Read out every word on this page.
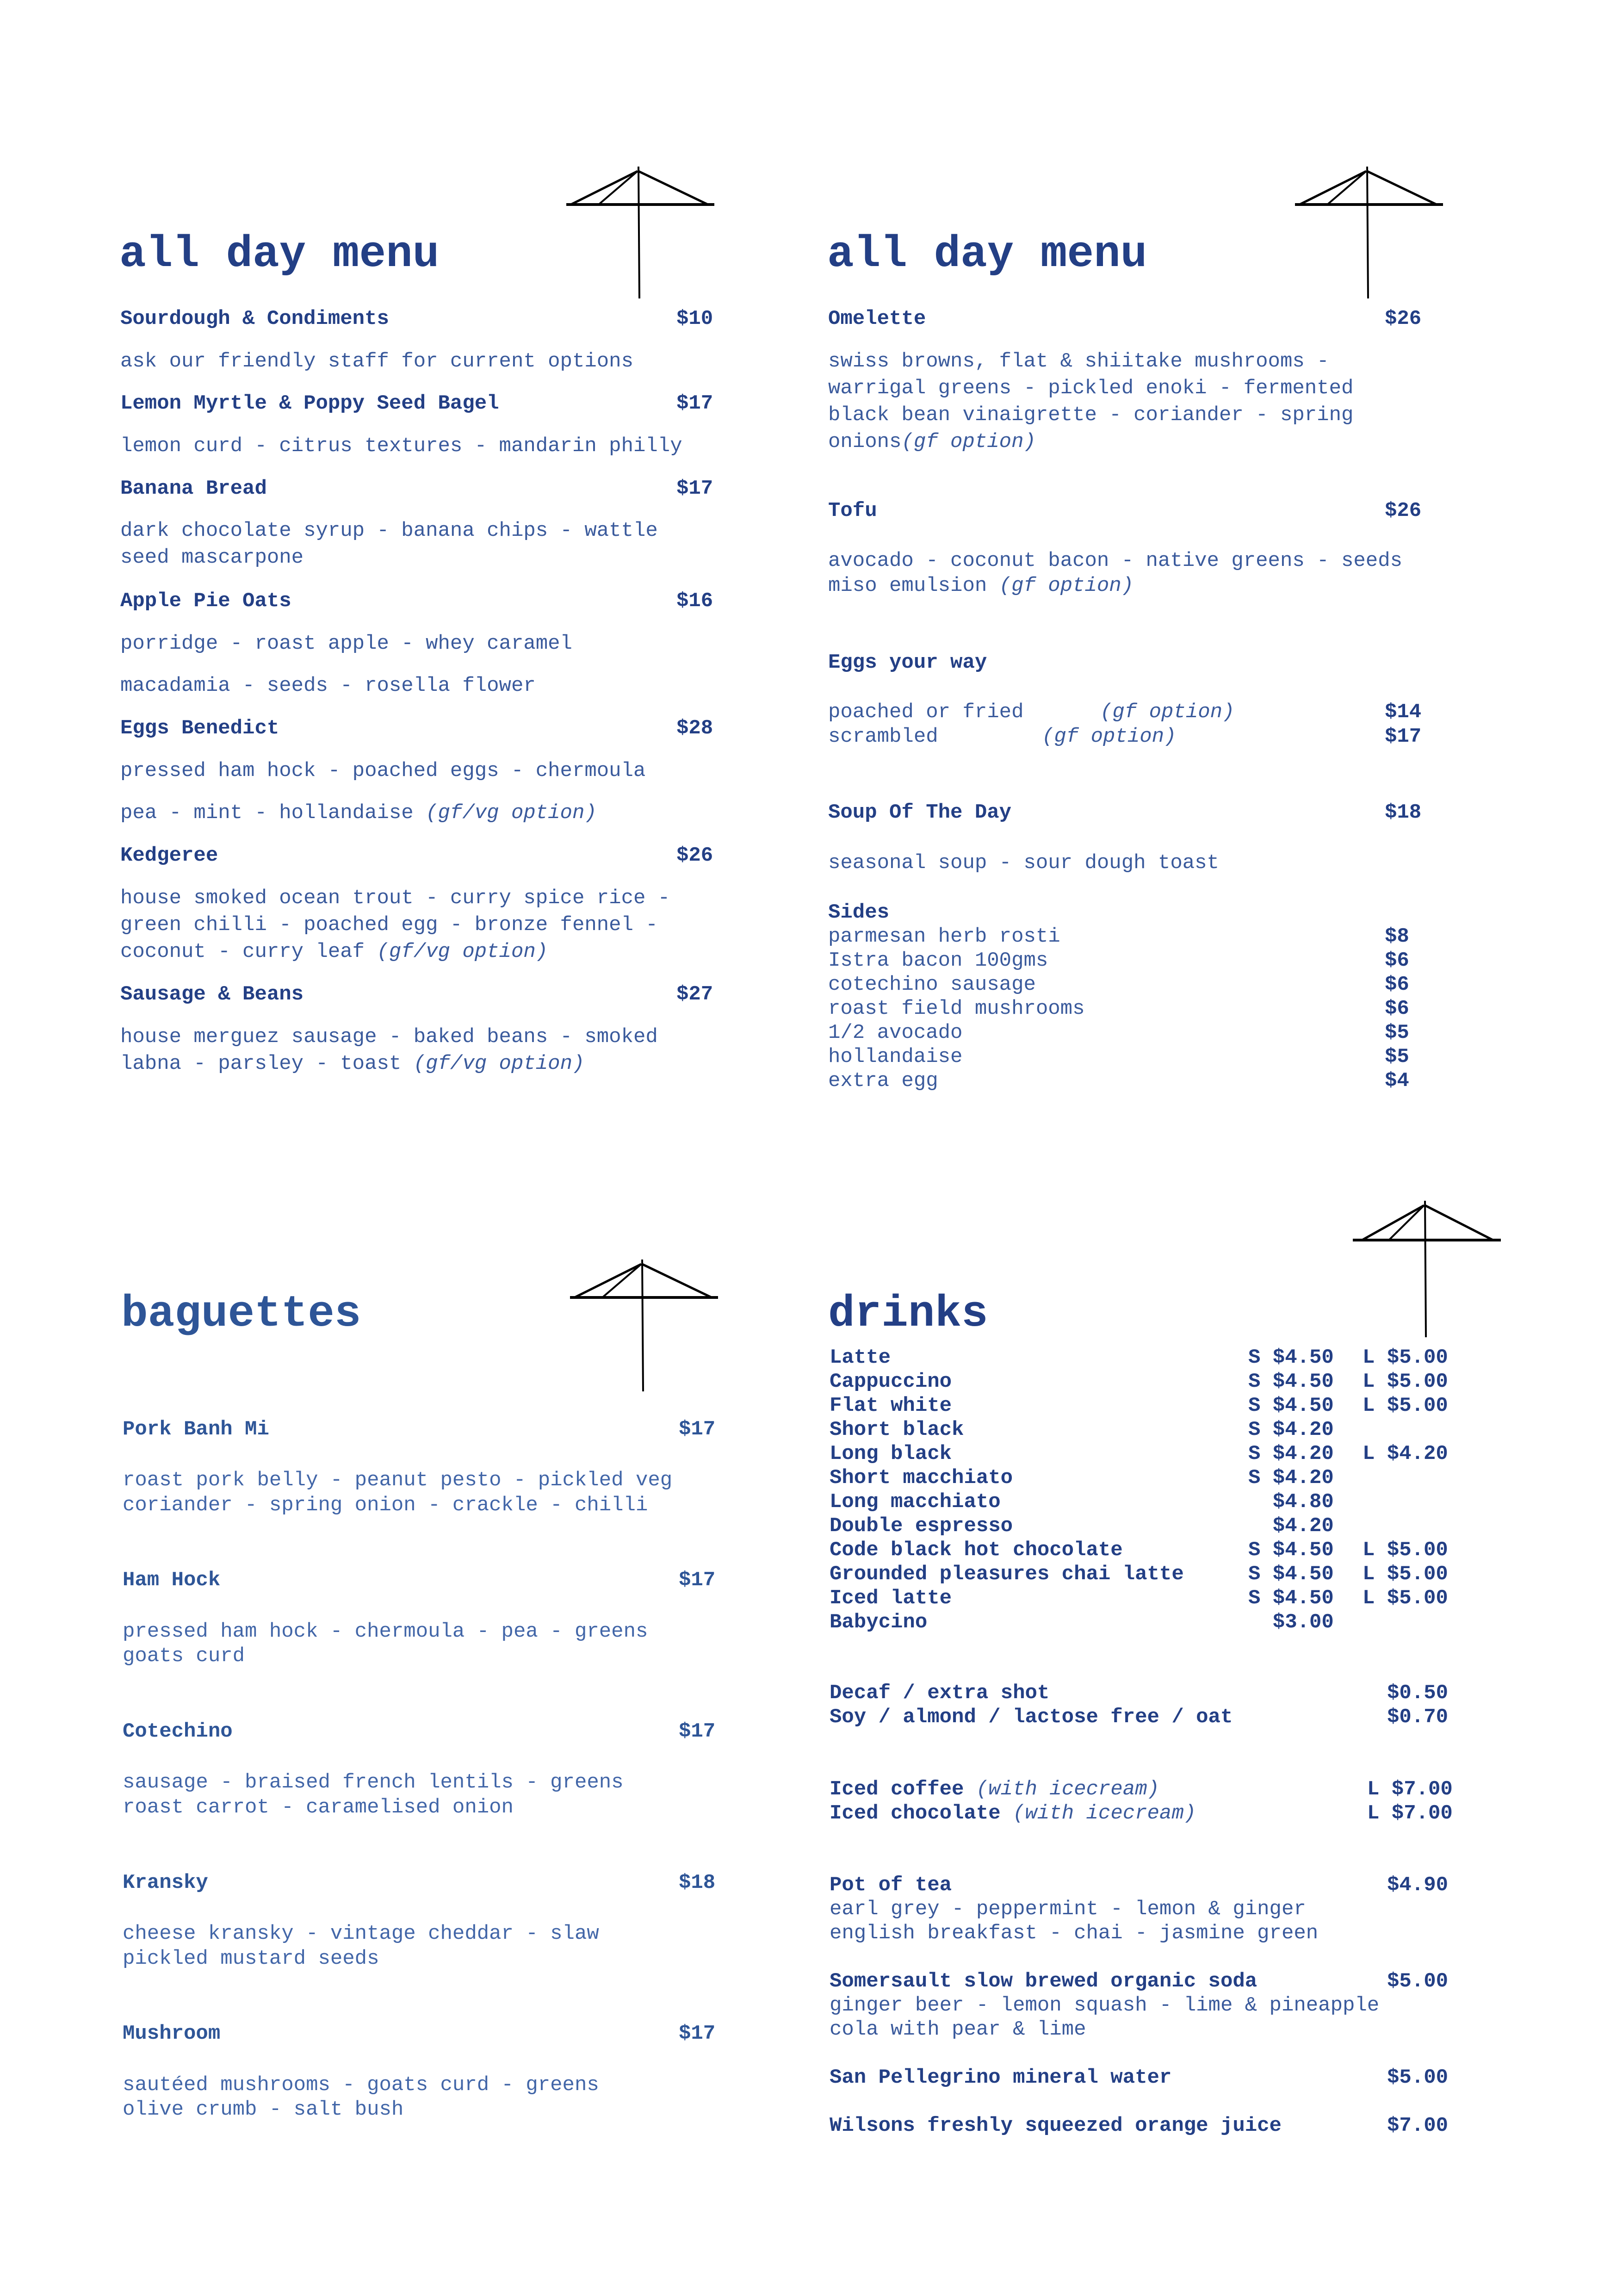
all day menu
Sourdough & Condiments	$10
ask our friendly staff for current options
Lemon Myrtle & Poppy Seed Bagel	$17
lemon curd - citrus textures - mandarin philly
Banana Bread	$17
dark chocolate syrup - banana chips - wattle
seed mascarpone
Apple Pie Oats	$16
porridge - roast apple - whey caramel
macadamia - seeds - rosella flower
Eggs Benedict	$28
pressed ham hock - poached eggs - chermoula
pea - mint - hollandaise (gf/vg option)
Kedgeree	$26
house smoked ocean trout - curry spice rice -
green chilli - poached egg - bronze fennel -
coconut - curry leaf (gf/vg option)
Sausage & Beans	$27
house merguez sausage - baked beans - smoked
labna - parsley - toast (gf/vg option)
all day menu
Omelette	$26
swiss browns, flat & shiitake mushrooms -
warrigal greens - pickled enoki - fermented
black bean vinaigrette - coriander - spring
onions(gf option)
Tofu	$26
avocado - coconut bacon - native greens - seeds
miso emulsion (gf option)
Eggs your way
poached or fried	(gf option)	$14
scrambled	(gf option)	$17
Soup Of The Day	$18
seasonal soup - sour dough toast
Sides
parmesan herb rosti	$8
Istra bacon 100gms	$6
cotechino sausage	$6
roast field mushrooms	$6
1/2 avocado	$5
hollandaise	$5
extra egg	$4
baguettes
Pork Banh Mi	$17
roast pork belly - peanut pesto - pickled veg
coriander - spring onion - crackle - chilli
Ham Hock	$17
pressed ham hock - chermoula - pea - greens
goats curd
Cotechino	$17
sausage - braised french lentils - greens
roast carrot - caramelised onion
Kransky	$18
cheese kransky - vintage cheddar - slaw
pickled mustard seeds
Mushroom	$17
sautéed mushrooms - goats curd - greens
olive crumb - salt bush
drinks
Latte	S $4.50 L $5.00
Cappuccino	S $4.50 L $5.00
Flat white	S $4.50 L $5.00
Short black	S $4.20
Long black	S $4.20 L $4.20
Short macchiato	S $4.20
Long macchiato	$4.80
Double espresso	$4.20
Code black hot chocolate	S $4.50 L $5.00
Grounded pleasures chai latte	S $4.50 L $5.00
Iced latte	S $4.50 L $5.00
Babycino	$3.00
Decaf / extra shot	$0.50
Soy / almond / lactose free / oat	$0.70
Iced coffee (with icecream)	L $7.00
Iced chocolate (with icecream)	L $7.00
Pot of tea	$4.90
earl grey - peppermint - lemon & ginger
english breakfast - chai - jasmine green
Somersault slow brewed organic soda	$5.00
ginger beer - lemon squash - lime & pineapple
cola with pear & lime
San Pellegrino mineral water	$5.00
Wilsons freshly squeezed orange juice	$7.00
